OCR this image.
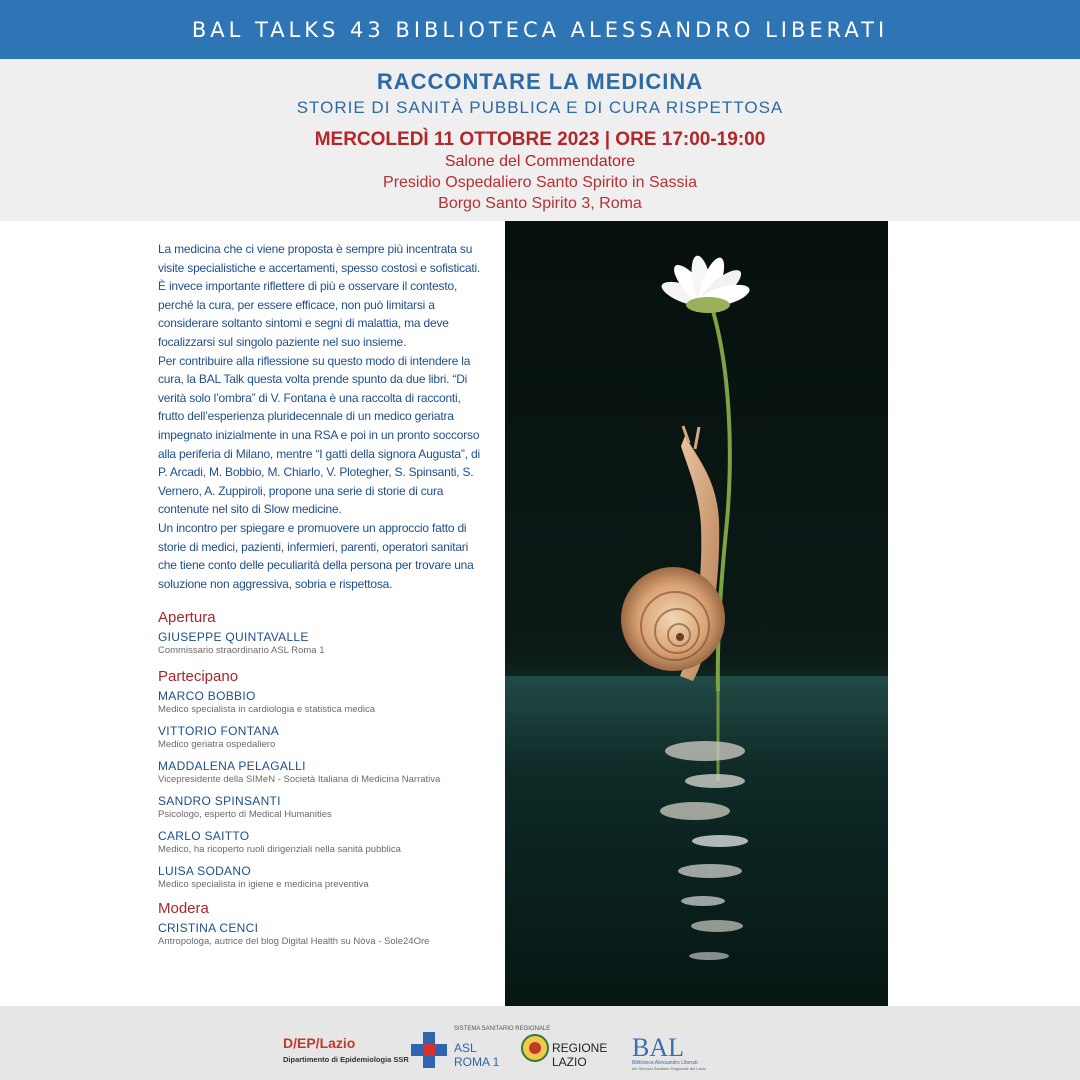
BAL TALKS 43 BIBLIOTECA ALESSANDRO LIBERATI
RACCONTARE LA MEDICINA
STORIE DI SANITÀ PUBBLICA E DI CURA RISPETTOSA
MERCOLEDÌ 11 OTTOBRE 2023 | ORE 17:00-19:00
Salone del Commendatore
Presidio Ospedaliero Santo Spirito in Sassia
Borgo Santo Spirito 3, Roma

La medicina che ci viene proposta è sempre più incentrata su visite specialistiche e accertamenti, spesso costosi e sofisticati.

È invece importante riflettere di più e osservare il contesto, perché la cura, per essere efficace, non può limitarsi a considerare soltanto sintomi e segni di malattia, ma deve focalizzarsi sul singolo paziente nel suo insieme.

Per contribuire alla riflessione su questo modo di intendere la cura, la BAL Talk questa volta prende spunto da due libri. “Di verità solo l’ombra” di V. Fontana è una raccolta di racconti, frutto dell’esperienza pluridecennale di un medico geriatra impegnato inizialmente in una RSA e poi in un pronto soccorso alla periferia di Milano, mentre “I gatti della signora Augusta”, di P. Arcadi, M. Bobbio, M. Chiarlo, V. Plotegher, S. Spinsanti, S. Vernero, A. Zuppiroli, propone una serie di storie di cura contenute nel sito di Slow medicine.

Un incontro per spiegare e promuovere un approccio fatto di storie di medici, pazienti, infermieri, parenti, operatori sanitari che tiene conto delle peculiarità della persona per trovare una soluzione non aggressiva, sobria e rispettosa.

Apertura
GIUSEPPE QUINTAVALLE
Commissario straordinario ASL Roma 1
Partecipano
MARCO BOBBIO
Medico specialista in cardiologia e statistica medica
VITTORIO FONTANA
Medico geriatra ospedaliero
MADDALENA PELAGALLI
Vicepresidente della SIMeN - Società Italiana di Medicina Narrativa
SANDRO SPINSANTI
Psicologo, esperto di Medical Humanities
CARLO SAITTO
Medico, ha ricoperto ruoli dirigenziali nella sanità pubblica
LUISA SODANO
Medico specialista in igiene e medicina preventiva
Modera
CRISTINA CENCI
Antropologa, autrice del blog Digital Health su Nòva - Sole24Ore
D/EP/Lazio
Dipartimento di Epidemiologia SSR
SISTEMA SANITARIO REGIONALE
ASL
ROMA 1
REGIONE
LAZIO BAL
Biblioteca Alessandro Liberati
del Servizio Sanitario Regionale del Lazio
